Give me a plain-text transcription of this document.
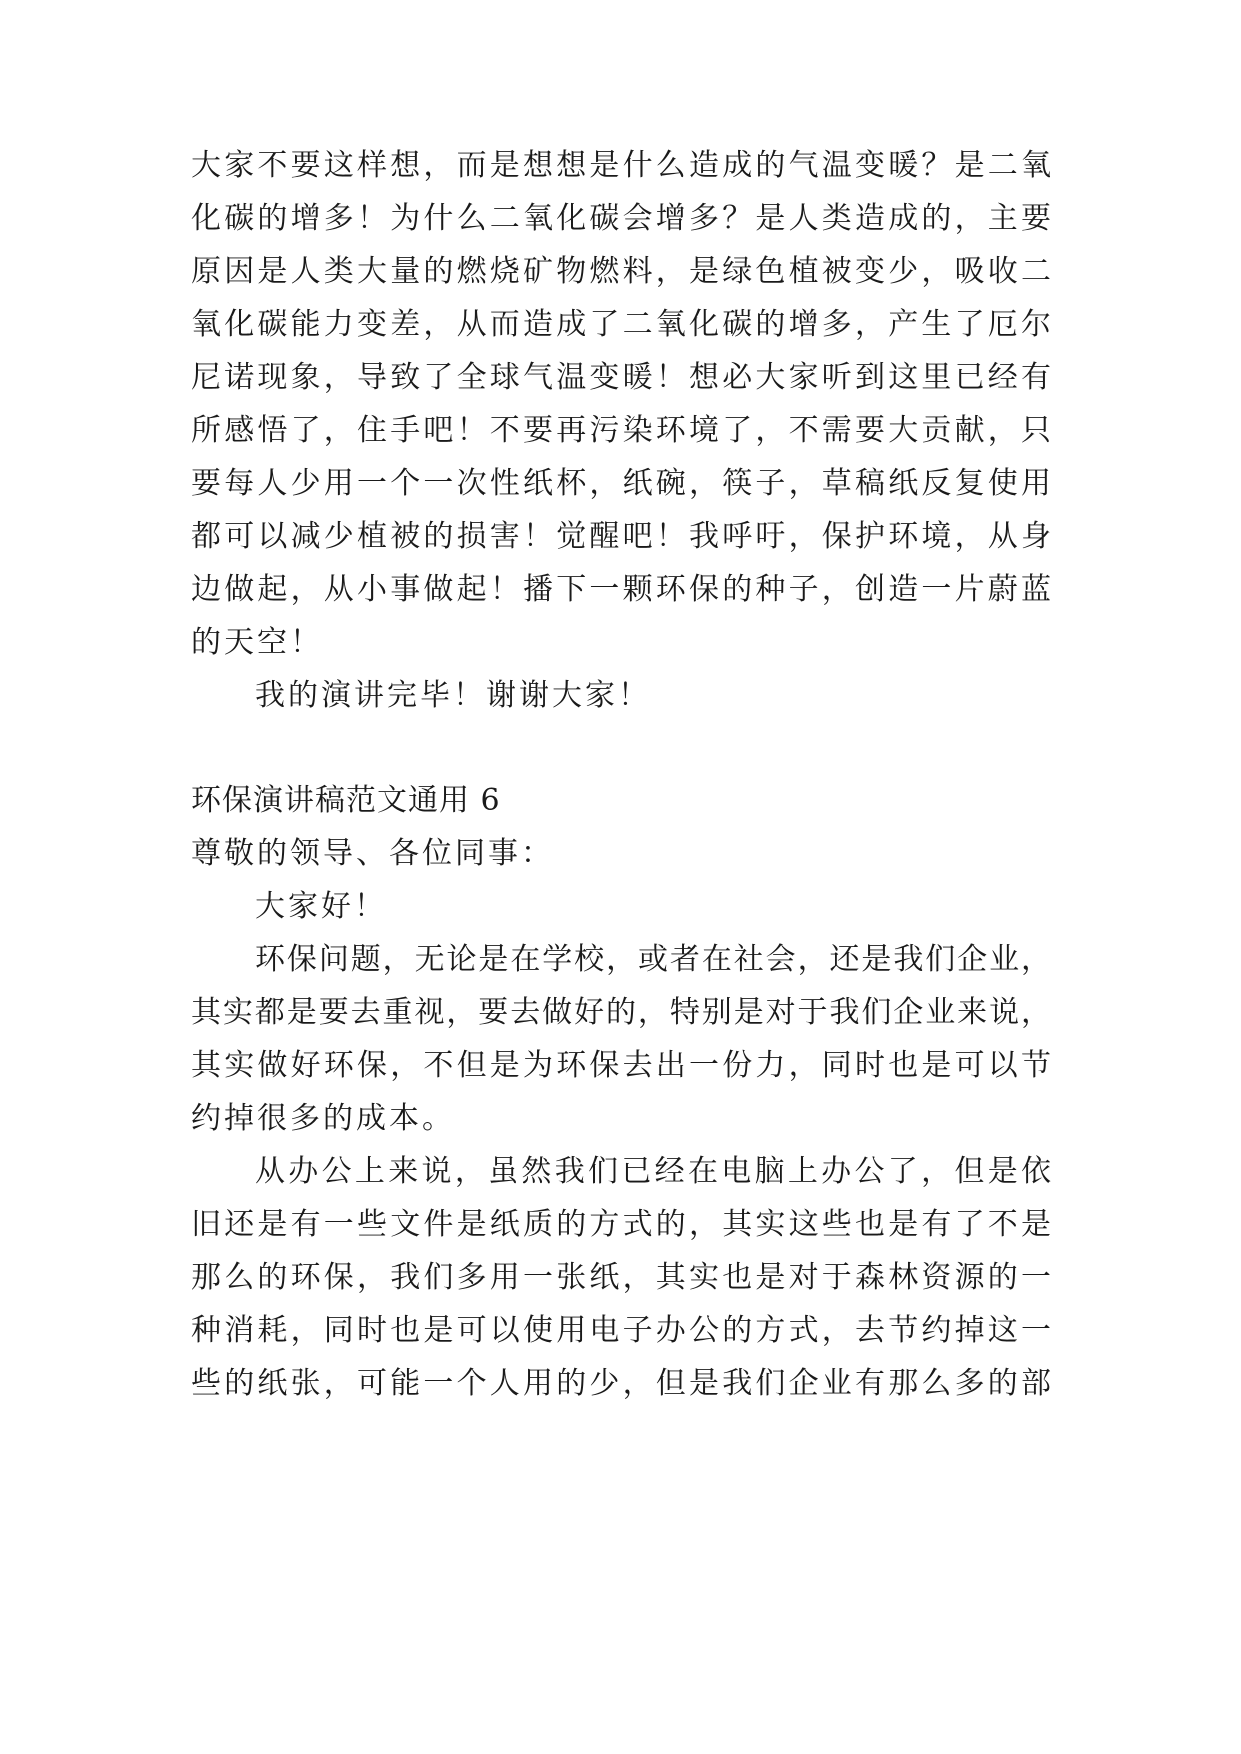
大家不要这样想，而是想想是什么造成的气温变暖？是二氧
化碳的增多！为什么二氧化碳会增多？是人类造成的，主要
原因是人类大量的燃烧矿物燃料，是绿色植被变少，吸收二
氧化碳能力变差，从而造成了二氧化碳的增多，产生了厄尔
尼诺现象，导致了全球气温变暖！想必大家听到这里已经有
所感悟了，住手吧！不要再污染环境了，不需要大贡献，只
要每人少用一个一次性纸杯，纸碗，筷子，草稿纸反复使用
都可以减少植被的损害！觉醒吧！我呼吁，保护环境，从身
边做起，从小事做起！播下一颗环保的种子，创造一片蔚蓝
的天空！
我的演讲完毕！谢谢大家！
环保演讲稿范文通用 6
尊敬的领导、各位同事：
大家好！
环保问题，无论是在学校，或者在社会，还是我们企业，
其实都是要去重视，要去做好的，特别是对于我们企业来说，
其实做好环保，不但是为环保去出一份力，同时也是可以节
约掉很多的成本。
从办公上来说，虽然我们已经在电脑上办公了，但是依
旧还是有一些文件是纸质的方式的，其实这些也是有了不是
那么的环保，我们多用一张纸，其实也是对于森林资源的一
种消耗，同时也是可以使用电子办公的方式，去节约掉这一
些的纸张，可能一个人用的少，但是我们企业有那么多的部
